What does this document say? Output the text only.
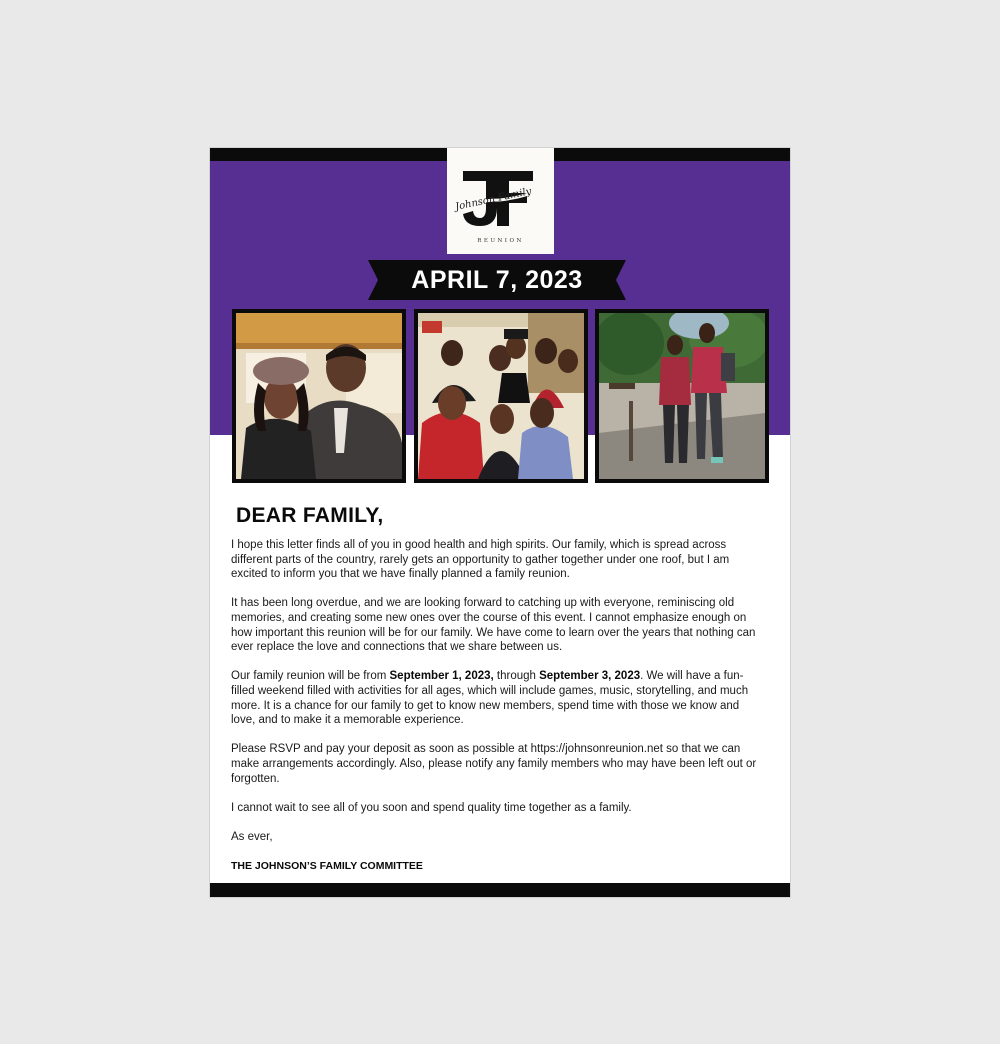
Johnson Family
REUNION
APRIL 7, 2023
DEAR FAMILY,

I hope this letter finds all of you in good health and high spirits. Our family, which is spread across different parts of the country, rarely gets an opportunity to gather together under one roof, but I am excited to inform you that we have finally planned a family reunion.

It has been long overdue, and we are looking forward to catching up with everyone, reminiscing old memories, and creating some new ones over the course of this event. I cannot emphasize enough on how important this reunion will be for our family. We have come to learn over the years that nothing can ever replace the love and connections that we share between us.

Our family reunion will be from September 1, 2023, through September 3, 2023. We will have a fun-filled weekend filled with activities for all ages, which will include games, music, storytelling, and much more. It is a chance for our family to get to know new members, spend time with those we know and love, and to make it a memorable experience.

Please RSVP and pay your deposit as soon as possible at https://johnsonreunion.net so that we can make arrangements accordingly. Also, please notify any family members who may have been left out or forgotten.

I cannot wait to see all of you soon and spend quality time together as a family.

As ever,

THE JOHNSON’S FAMILY COMMITTEE
